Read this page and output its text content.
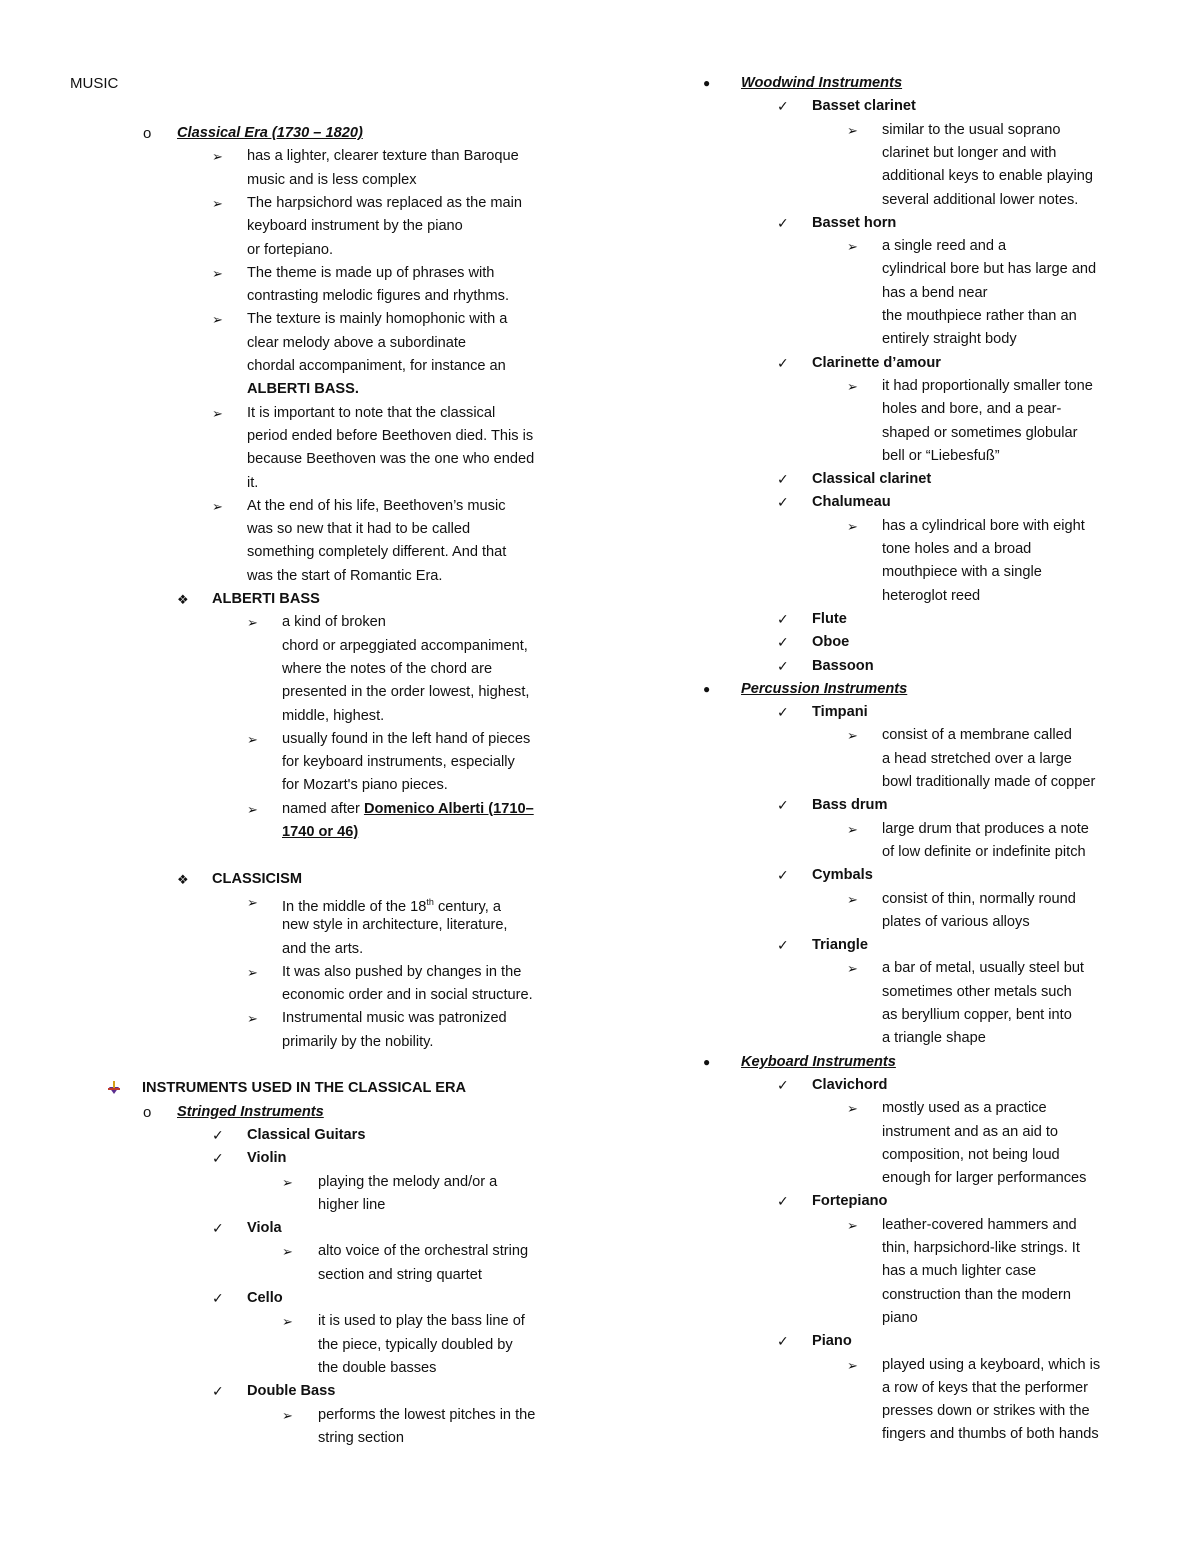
MUSIC
o Classical Era (1730 – 1820)
➢ has a lighter, clearer texture than Baroque
music and is less complex
➢ The harpsichord was replaced as the main
keyboard instrument by the piano
or fortepiano.
➢ The theme is made up of phrases with
contrasting melodic figures and rhythms.
➢ The texture is mainly homophonic with a
clear melody above a subordinate
chordal accompaniment, for instance an
ALBERTI BASS.
➢ It is important to note that the classical
period ended before Beethoven died. This is
because Beethoven was the one who ended
it.
➢ At the end of his life, Beethoven’s music
was so new that it had to be called
something completely different. And that
was the start of Romantic Era.
❖ ALBERTI BASS
➢ a kind of broken
chord or arpeggiated accompaniment,
where the notes of the chord are
presented in the order lowest, highest,
middle, highest.
➢ usually found in the left hand of pieces
for keyboard instruments, especially
for Mozart's piano pieces.
➢ named after Domenico Alberti (1710–
1740 or 46)
❖ CLASSICISM
➢ In the middle of the 18th century, a
new style in architecture, literature,
and the arts.
➢ It was also pushed by changes in the
economic order and in social structure.
➢ Instrumental music was patronized
primarily by the nobility.
INSTRUMENTS USED IN THE CLASSICAL ERA
o Stringed Instruments
✓ Classical Guitars
✓ Violin
➢ playing the melody and/or a
higher line
✓ Viola
➢ alto voice of the orchestral string
section and string quartet
✓ Cello
➢ it is used to play the bass line of
the piece, typically doubled by
the double basses
✓ Double Bass
➢ performs the lowest pitches in the
string section
● Woodwind Instruments
✓ Basset clarinet
➢ similar to the usual soprano
clarinet but longer and with
additional keys to enable playing
several additional lower notes.
✓ Basset horn
➢ a single reed and a
cylindrical bore but has large and
has a bend near
the mouthpiece rather than an
entirely straight body
✓ Clarinette d’amour
➢ it had proportionally smaller tone
holes and bore, and a pear-
shaped or sometimes globular
bell or “Liebesfuß”
✓ Classical clarinet
✓ Chalumeau
➢ has a cylindrical bore with eight
tone holes and a broad
mouthpiece with a single
heteroglot reed
✓ Flute
✓ Oboe
✓ Bassoon
● Percussion Instruments
✓ Timpani
➢ consist of a membrane called
a head stretched over a large
bowl traditionally made of copper
✓ Bass drum
➢ large drum that produces a note
of low definite or indefinite pitch
✓ Cymbals
➢ consist of thin, normally round
plates of various alloys
✓ Triangle
➢ a bar of metal, usually steel but
sometimes other metals such
as beryllium copper, bent into
a triangle shape
● Keyboard Instruments
✓ Clavichord
➢ mostly used as a practice
instrument and as an aid to
composition, not being loud
enough for larger performances
✓ Fortepiano
➢ leather-covered hammers and
thin, harpsichord-like strings. It
has a much lighter case
construction than the modern
piano
✓ Piano
➢ played using a keyboard, which is
a row of keys that the performer
presses down or strikes with the
fingers and thumbs of both hands
